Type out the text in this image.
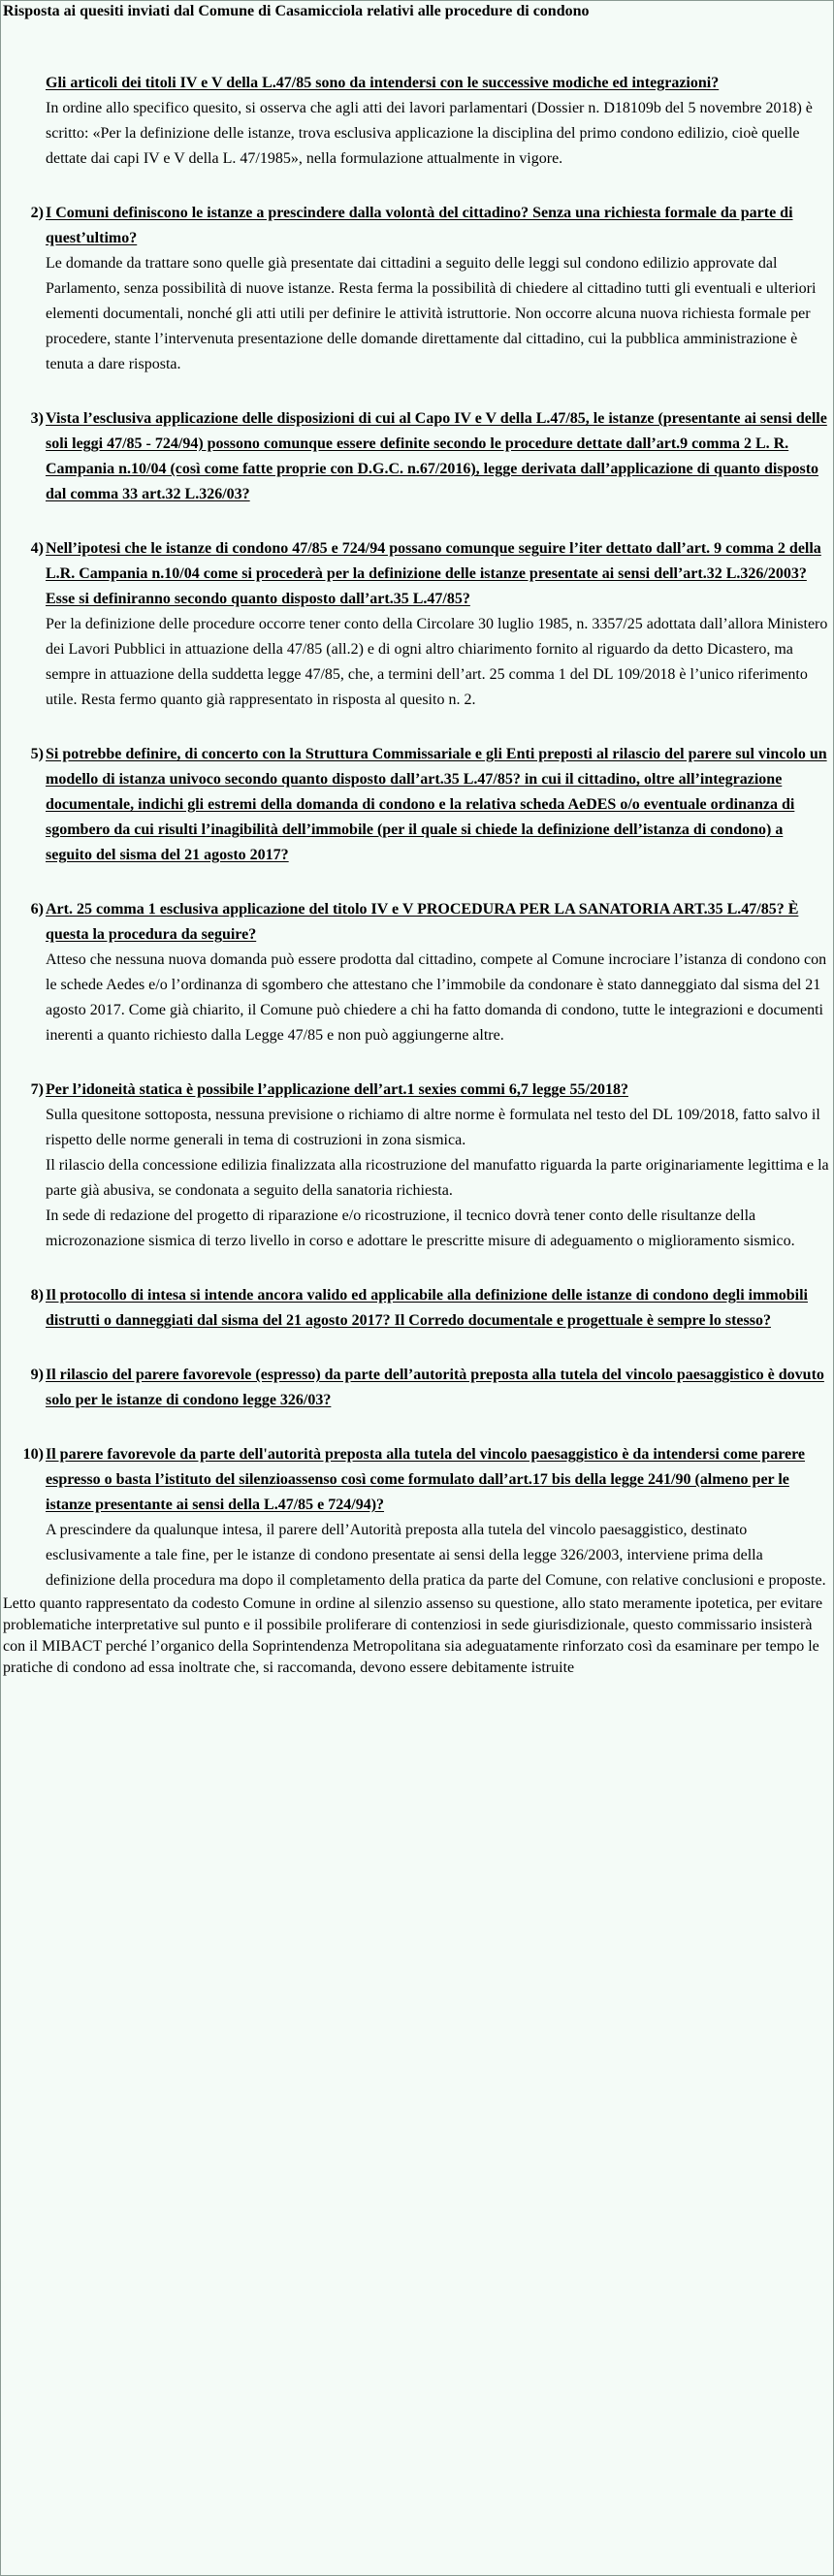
Risposta ai quesiti inviati dal Comune di Casamicciola relativi alle procedure di condono
Gli articoli dei titoli IV e V della L.47/85 sono da intendersi con le successive modiche ed integrazioni?

In ordine allo specifico quesito, si osserva che agli atti dei lavori parlamentari (Dossier n. D18109b del 5 novembre 2018) è scritto: «Per la definizione delle istanze, trova esclusiva applicazione la disciplina del primo condono edilizio, cioè quelle dettate dai capi IV e V della L. 47/1985», nella formulazione attualmente in vigore.

2) I Comuni definiscono le istanze a prescindere dalla volontà del cittadino? Senza una richiesta formale da parte di quest’ultimo?

Le domande da trattare sono quelle già presentate dai cittadini a seguito delle leggi sul condono edilizio approvate dal Parlamento, senza possibilità di nuove istanze. Resta ferma la possibilità di chiedere al cittadino tutti gli eventuali e ulteriori elementi documentali, nonché gli atti utili per definire le attività istruttorie. Non occorre alcuna nuova richiesta formale per procedere, stante l’intervenuta presentazione delle domande direttamente dal cittadino, cui la pubblica amministrazione è tenuta a dare risposta.

3) Vista l’esclusiva applicazione delle disposizioni di cui al Capo IV e V della L.47/85, le istanze (presentante ai sensi delle soli leggi 47/85 - 724/94) possono comunque essere definite secondo le procedure dettate dall’art.9 comma 2 L. R. Campania n.10/04 (così come fatte proprie con D.G.C. n.67/2016), legge derivata dall’applicazione di quanto disposto dal comma 33 art.32 L.326/03?
4) Nell’ipotesi che le istanze di condono 47/85 e 724/94 possano comunque seguire l’iter dettato dall’art. 9 comma 2 della L.R. Campania n.10/04 come si procederà per la definizione delle istanze presentate ai sensi dell’art.32 L.326/2003? Esse si definiranno secondo quanto disposto dall’art.35 L.47/85?

Per la definizione delle procedure occorre tener conto della Circolare 30 luglio 1985, n. 3357/25 adottata dall’allora Ministero dei Lavori Pubblici in attuazione della 47/85 (all.2) e di ogni altro chiarimento fornito al riguardo da detto Dicastero, ma sempre in attuazione della suddetta legge 47/85, che, a termini dell’art. 25 comma 1 del DL 109/2018 è l’unico riferimento utile. Resta fermo quanto già rappresentato in risposta al quesito n. 2.

5) Si potrebbe definire, di concerto con la Struttura Commissariale e gli Enti preposti al rilascio del parere sul vincolo un modello di istanza univoco secondo quanto disposto dall’art.35 L.47/85? in cui il cittadino, oltre all’integrazione documentale, indichi gli estremi della domanda di condono e la relativa scheda AeDES o/o eventuale ordinanza di sgombero da cui risulti l’inagibilità dell’immobile (per il quale si chiede la definizione dell’istanza di condono) a seguito del sisma del 21 agosto 2017?
6) Art. 25 comma 1 esclusiva applicazione del titolo IV e V PROCEDURA PER LA SANATORIA ART.35 L.47/85? È questa la procedura da seguire?

Atteso che nessuna nuova domanda può essere prodotta dal cittadino, compete al Comune incrociare l’istanza di condono con le schede Aedes e/o l’ordinanza di sgombero che attestano che l’immobile da condonare è stato danneggiato dal sisma del 21 agosto 2017. Come già chiarito, il Comune può chiedere a chi ha fatto domanda di condono, tutte le integrazioni e documenti inerenti a quanto richiesto dalla Legge 47/85 e non può aggiungerne altre.

7) Per l’idoneità statica è possibile l’applicazione dell’art.1 sexies commi 6,7 legge 55/2018?

Sulla quesitone sottoposta, nessuna previsione o richiamo di altre norme è formulata nel testo del DL 109/2018, fatto salvo il rispetto delle norme generali in tema di costruzioni in zona sismica.

Il rilascio della concessione edilizia finalizzata alla ricostruzione del manufatto riguarda la parte originariamente legittima e la parte già abusiva, se condonata a seguito della sanatoria richiesta.

In sede di redazione del progetto di riparazione e/o ricostruzione, il tecnico dovrà tener conto delle risultanze della microzonazione sismica di terzo livello in corso e adottare le prescritte misure di adeguamento o miglioramento sismico.

8) Il protocollo di intesa si intende ancora valido ed applicabile alla definizione delle istanze di condono degli immobili distrutti o danneggiati dal sisma del 21 agosto 2017? Il Corredo documentale e progettuale è sempre lo stesso?
9) Il rilascio del parere favorevole (espresso) da parte dell’autorità preposta alla tutela del vincolo paesaggistico è dovuto solo per le istanze di condono legge 326/03?
10) Il parere favorevole da parte dell'autorità preposta alla tutela del vincolo paesaggistico è da intendersi come parere espresso o basta l’istituto del silenzioassenso così come formulato dall’art.17 bis della legge 241/90 (almeno per le istanze presentante ai sensi della L.47/85 e 724/94)?

A prescindere da qualunque intesa, il parere dell’Autorità preposta alla tutela del vincolo paesaggistico, destinato esclusivamente a tale fine, per le istanze di condono presentate ai sensi della legge 326/2003, interviene prima della definizione della procedura ma dopo il completamento della pratica da parte del Comune, con relative conclusioni e proposte.

Letto quanto rappresentato da codesto Comune in ordine al silenzio assenso su questione, allo stato meramente ipotetica, per evitare problematiche interpretative sul punto e il possibile proliferare di contenziosi in sede giurisdizionale, questo commissario insisterà con il MIBACT perché l’organico della Soprintendenza Metropolitana sia adeguatamente rinforzato così da esaminare per tempo le pratiche di condono ad essa inoltrate che, si raccomanda, devono essere debitamente istruite
